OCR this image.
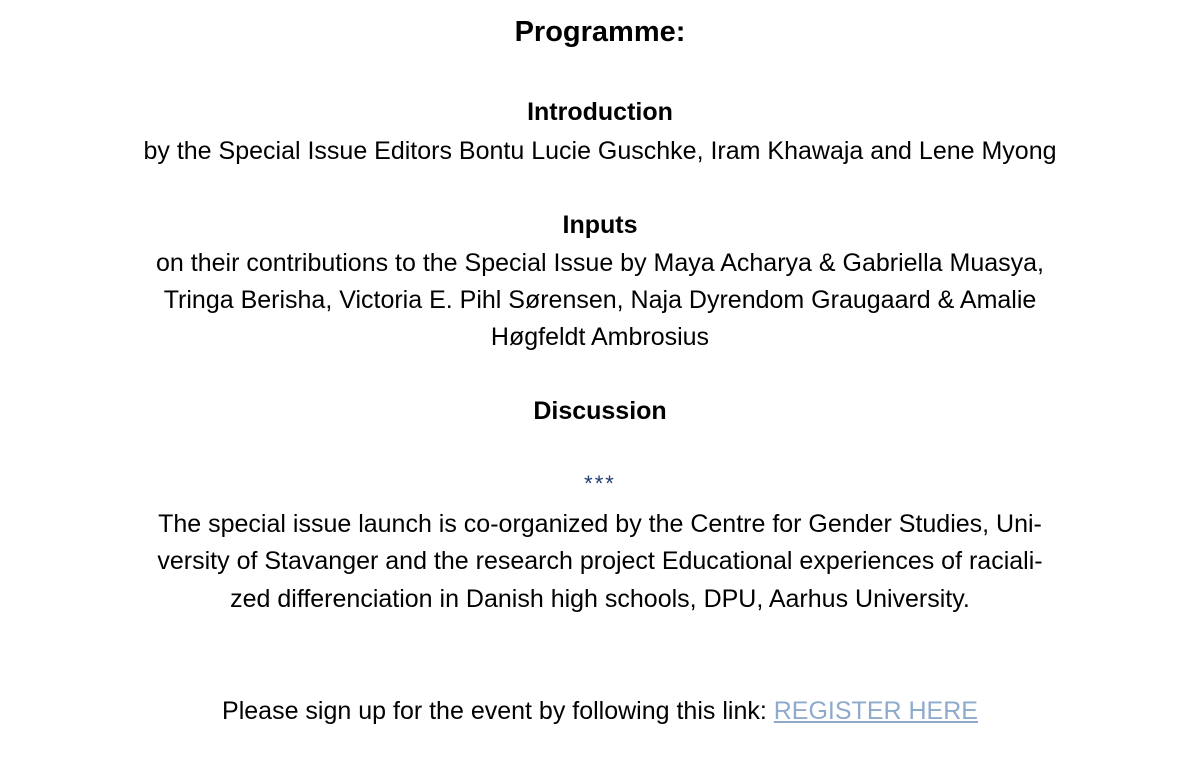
Programme:
Introduction
by the Special Issue Editors Bontu Lucie Guschke, Iram Khawaja and Lene Myong
Inputs
on their contributions to the Special Issue by Maya Acharya & Gabriella Muasya,
Tringa Berisha, Victoria E. Pihl Sørensen, Naja Dyrendom Graugaard & Amalie
Høgfeldt Ambrosius
Discussion
***
The special issue launch is co-organized by the Centre for Gender Studies, Uni-
versity of Stavanger and the research project Educational experiences of raciali-
zed differenciation in Danish high schools, DPU, Aarhus University.
Please sign up for the event by following this link: REGISTER HERE
